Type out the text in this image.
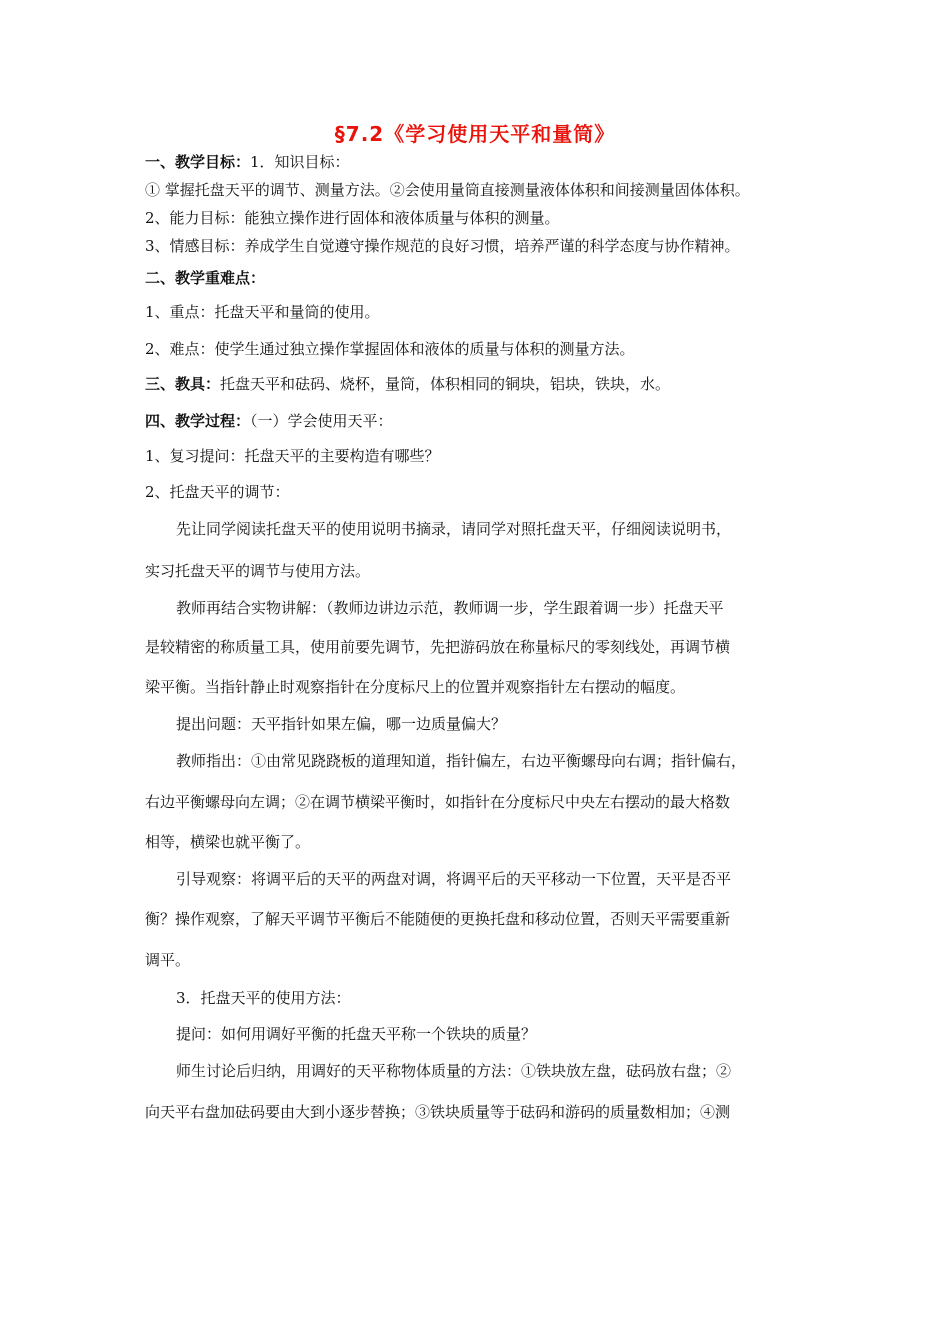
§7.2《学习使用天平和量筒》
一、教学目标：1．知识目标：
① 掌握托盘天平的调节、测量方法。②会使用量筒直接测量液体体积和间接测量固体体积。
2、能力目标：能独立操作进行固体和液体质量与体积的测量。
3、情感目标：养成学生自觉遵守操作规范的良好习惯，培养严谨的科学态度与协作精神。
二、教学重难点：
1、重点：托盘天平和量筒的使用。
2、难点：使学生通过独立操作掌握固体和液体的质量与体积的测量方法。
三、教具：托盘天平和砝码、烧杯，量筒，体积相同的铜块，铝块，铁块，水。
四、教学过程：（一）学会使用天平：
1、复习提问：托盘天平的主要构造有哪些？
2、托盘天平的调节：
先让同学阅读托盘天平的使用说明书摘录，请同学对照托盘天平，仔细阅读说明书，
实习托盘天平的调节与使用方法。
教师再结合实物讲解：（教师边讲边示范，教师调一步，学生跟着调一步）托盘天平
是较精密的称质量工具，使用前要先调节，先把游码放在称量标尺的零刻线处，再调节横
梁平衡。当指针静止时观察指针在分度标尺上的位置并观察指针左右摆动的幅度。
提出问题：天平指针如果左偏，哪一边质量偏大？
教师指出：①由常见跷跷板的道理知道，指针偏左，右边平衡螺母向右调；指针偏右，
右边平衡螺母向左调；②在调节横梁平衡时，如指针在分度标尺中央左右摆动的最大格数
相等，横梁也就平衡了。
引导观察：将调平后的天平的两盘对调，将调平后的天平移动一下位置，天平是否平
衡？操作观察，了解天平调节平衡后不能随便的更换托盘和移动位置，否则天平需要重新
调平。
3．托盘天平的使用方法：
提问：如何用调好平衡的托盘天平称一个铁块的质量？
师生讨论后归纳，用调好的天平称物体质量的方法：①铁块放左盘，砝码放右盘；②
向天平右盘加砝码要由大到小逐步替换；③铁块质量等于砝码和游码的质量数相加；④测
